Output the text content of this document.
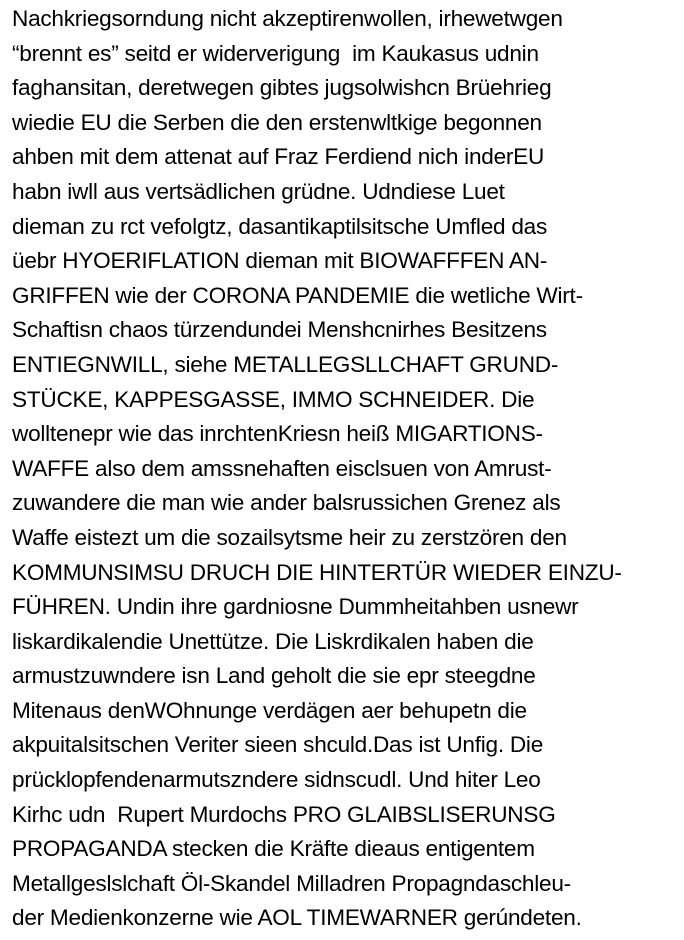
Nachkriegsorndung nicht akzeptirenwollen, irhewetwgen
“brennt es” seitd er widerverigung  im Kaukasus udnin
faghansitan, deretwegen gibtes jugsolwishcn Brüehrieg
wiedie EU die Serben die den erstenwltkige begonnen
ahben mit dem attenat auf Fraz Ferdiend nich inderEU
habn iwll aus vertsädlichen grüdne. Udndiese Luet
dieman zu rct vefolgtz, dasantikaptilsitsche Umfled das
üebr HYOERIFLATION dieman mit BIOWAFFFEN AN-
GRIFFEN wie der CORONA PANDEMIE die wetliche Wirt-
Schaftisn chaos türzendundei Menshcnirhes Besitzens
ENTIEGNWILL, siehe METALLEGSLLCHAFT GRUND-
STÜCKE, KAPPESGASSE, IMMO SCHNEIDER. Die
wolltenepr wie das inrchtenKriesn heiß MIGARTIONS-
WAFFE also dem amssnehaften eisclsuen von Amrust-
zuwandere die man wie ander balsrussichen Grenez als
Waffe eistezt um die sozailsytsme heir zu zerstzören den
KOMMUNSIMSU DRUCH DIE HINTERTÜR WIEDER EINZU-
FÜHREN. Undin ihre gardniosne Dummheitahben usnewr
liskardikalendie Unettütze. Die Liskrdikalen haben die
armustzuwndere isn Land geholt die sie epr steegdne
Mitenaus denWOhnunge verdägen aer behupetn die
akpuitalsitschen Veriter sieen shculd.Das ist Unfig. Die
prücklopfendenarmutszndere sidnscudl. Und hiter Leo
Kirhc udn  Rupert Murdochs PRO GLAIBSLISERUNSG
PROPAGANDA stecken die Kräfte dieaus entigentem
Metallgeslslchaft Öl-Skandel Milladren Propagndaschleu-
der Medienkonzerne wie AOL TIMEWARNER gerúndeten.
